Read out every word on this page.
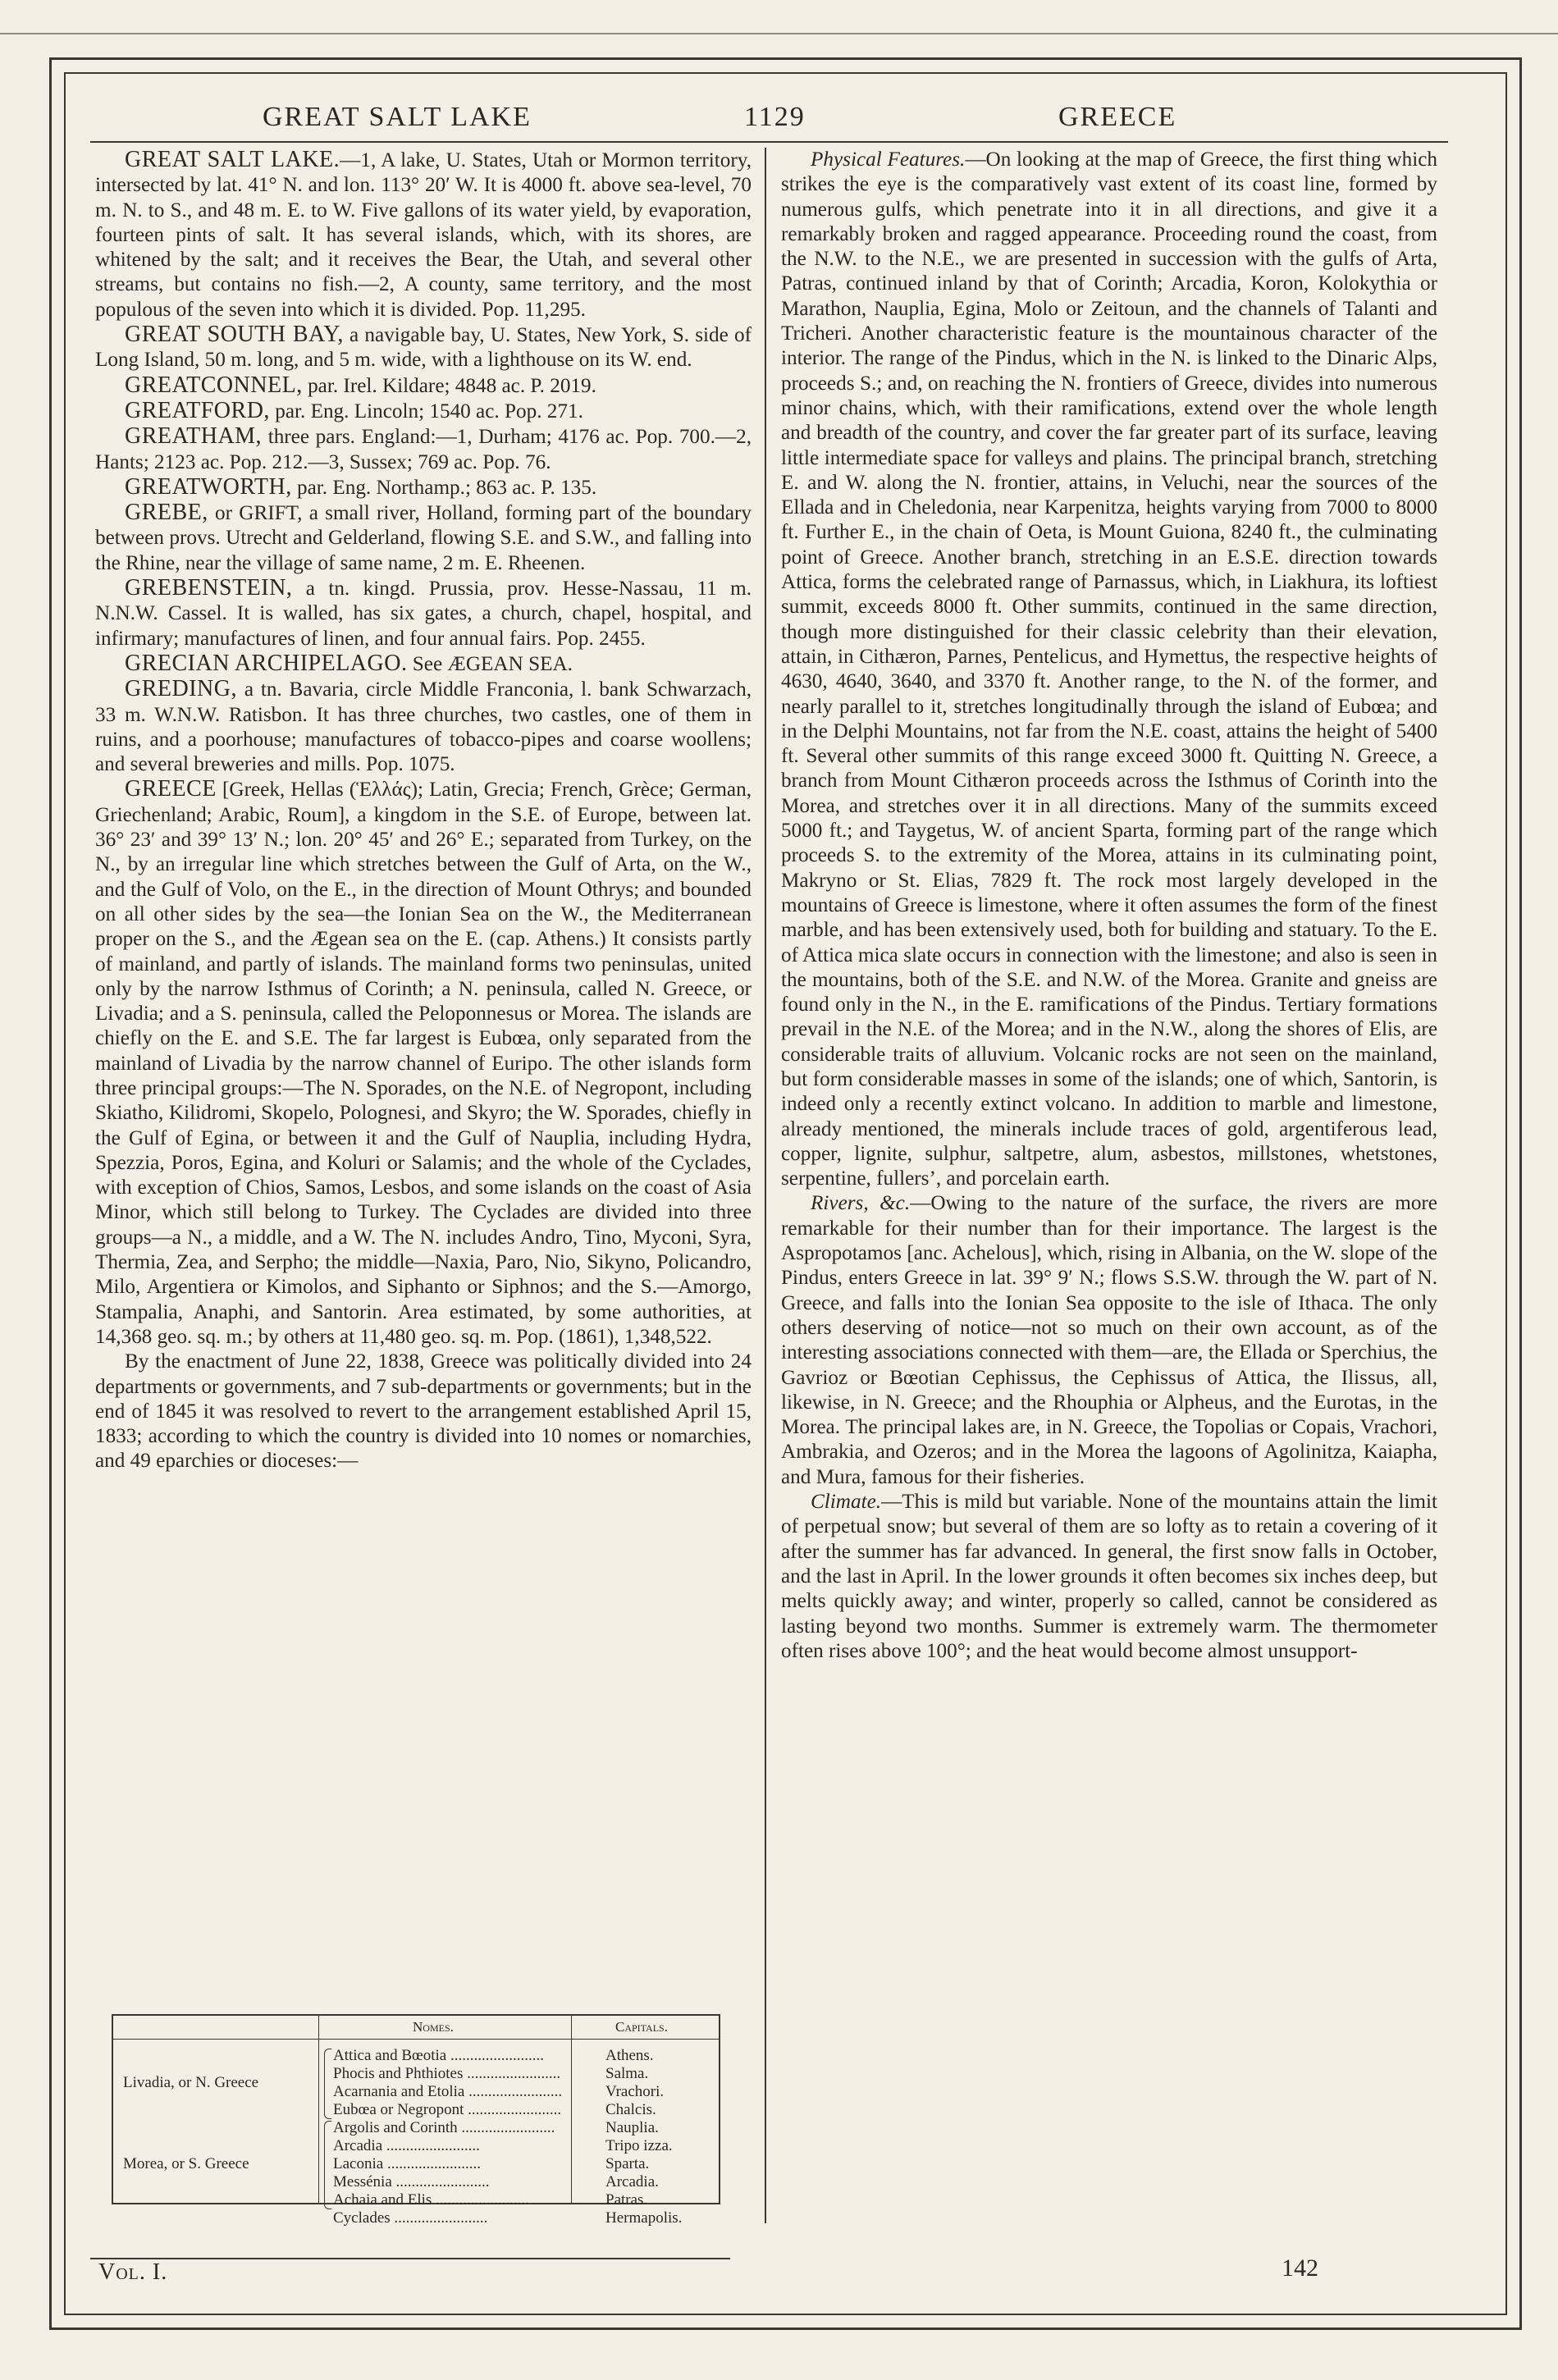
GREAT SALT LAKE	1129	GREECE

GREAT SALT LAKE.—1, A lake, U. States, Utah or Mormon territory, intersected by lat. 41° N. and lon. 113° 20′ W. It is 4000 ft. above sea-level, 70 m. N. to S., and 48 m. E. to W. Five gallons of its water yield, by evaporation, fourteen pints of salt. It has several islands, which, with its shores, are whitened by the salt; and it receives the Bear, the Utah, and several other streams, but contains no fish.—2, A county, same territory, and the most populous of the seven into which it is divided. Pop. 11,295.

GREAT SOUTH BAY, a navigable bay, U. States, New York, S. side of Long Island, 50 m. long, and 5 m. wide, with a lighthouse on its W. end.

GREATCONNEL, par. Irel. Kildare; 4848 ac. P. 2019.

GREATFORD, par. Eng. Lincoln; 1540 ac. Pop. 271.

GREATHAM, three pars. England:—1, Durham; 4176 ac. Pop. 700.—2, Hants; 2123 ac. Pop. 212.—3, Sussex; 769 ac. Pop. 76.

GREATWORTH, par. Eng. Northamp.; 863 ac. P. 135.

GREBE, or GRIFT, a small river, Holland, forming part of the boundary between provs. Utrecht and Gelderland, flowing S.E. and S.W., and falling into the Rhine, near the village of same name, 2 m. E. Rheenen.

GREBENSTEIN, a tn. kingd. Prussia, prov. Hesse-Nassau, 11 m. N.N.W. Cassel. It is walled, has six gates, a church, chapel, hospital, and infirmary; manufactures of linen, and four annual fairs. Pop. 2455.

GRECIAN ARCHIPELAGO. See ÆGEAN SEA.

GREDING, a tn. Bavaria, circle Middle Franconia, l. bank Schwarzach, 33 m. W.N.W. Ratisbon. It has three churches, two castles, one of them in ruins, and a poorhouse; manufactures of tobacco-pipes and coarse woollens; and several breweries and mills. Pop. 1075.

GREECE [Greek, Hellas (Ἑλλάς); Latin, Grecia; French, Grèce; German, Griechenland; Arabic, Roum], a kingdom in the S.E. of Europe, between lat. 36° 23′ and 39° 13′ N.; lon. 20° 45′ and 26° E.; separated from Turkey, on the N., by an irregular line which stretches between the Gulf of Arta, on the W., and the Gulf of Volo, on the E., in the direction of Mount Othrys; and bounded on all other sides by the sea—the Ionian Sea on the W., the Mediterranean proper on the S., and the Ægean sea on the E. (cap. Athens.) It consists partly of mainland, and partly of islands. The mainland forms two peninsulas, united only by the narrow Isthmus of Corinth; a N. peninsula, called N. Greece, or Livadia; and a S. peninsula, called the Peloponnesus or Morea. The islands are chiefly on the E. and S.E. The far largest is Eubœa, only separated from the mainland of Livadia by the narrow channel of Euripo. The other islands form three principal groups:—The N. Sporades, on the N.E. of Negropont, including Skiatho, Kilidromi, Skopelo, Polognesi, and Skyro; the W. Sporades, chiefly in the Gulf of Egina, or between it and the Gulf of Nauplia, including Hydra, Spezzia, Poros, Egina, and Koluri or Salamis; and the whole of the Cyclades, with exception of Chios, Samos, Lesbos, and some islands on the coast of Asia Minor, which still belong to Turkey. The Cyclades are divided into three groups—a N., a middle, and a W. The N. includes Andro, Tino, Myconi, Syra, Thermia, Zea, and Serpho; the middle—Naxia, Paro, Nio, Sikyno, Policandro, Milo, Argentiera or Kimolos, and Siphanto or Siphnos; and the S.—Amorgo, Stampalia, Anaphi, and Santorin. Area estimated, by some authorities, at 14,368 geo. sq. m.; by others at 11,480 geo. sq. m. Pop. (1861), 1,348,522.

By the enactment of June 22, 1838, Greece was politically divided into 24 departments or governments, and 7 sub-departments or governments; but in the end of 1845 it was resolved to revert to the arrangement established April 15, 1833; according to which the country is divided into 10 nomes or nomarchies, and 49 eparchies or dioceses:—

Physical Features.—On looking at the map of Greece, the first thing which strikes the eye is the comparatively vast extent of its coast line, formed by numerous gulfs, which penetrate into it in all directions, and give it a remarkably broken and ragged appearance. Proceeding round the coast, from the N.W. to the N.E., we are presented in succession with the gulfs of Arta, Patras, continued inland by that of Corinth; Arcadia, Koron, Kolokythia or Marathon, Nauplia, Egina, Molo or Zeitoun, and the channels of Talanti and Tricheri. Another characteristic feature is the mountainous character of the interior. The range of the Pindus, which in the N. is linked to the Dinaric Alps, proceeds S.; and, on reaching the N. frontiers of Greece, divides into numerous minor chains, which, with their ramifications, extend over the whole length and breadth of the country, and cover the far greater part of its surface, leaving little intermediate space for valleys and plains. The principal branch, stretching E. and W. along the N. frontier, attains, in Veluchi, near the sources of the Ellada and in Cheledonia, near Karpenitza, heights varying from 7000 to 8000 ft. Further E., in the chain of Oeta, is Mount Guiona, 8240 ft., the culminating point of Greece. Another branch, stretching in an E.S.E. direction towards Attica, forms the celebrated range of Parnassus, which, in Liakhura, its loftiest summit, exceeds 8000 ft. Other summits, continued in the same direction, though more distinguished for their classic celebrity than their elevation, attain, in Cithæron, Parnes, Pentelicus, and Hymettus, the respective heights of 4630, 4640, 3640, and 3370 ft. Another range, to the N. of the former, and nearly parallel to it, stretches longitudinally through the island of Eubœa; and in the Delphi Mountains, not far from the N.E. coast, attains the height of 5400 ft. Several other summits of this range exceed 3000 ft. Quitting N. Greece, a branch from Mount Cithæron proceeds across the Isthmus of Corinth into the Morea, and stretches over it in all directions. Many of the summits exceed 5000 ft.; and Taygetus, W. of ancient Sparta, forming part of the range which proceeds S. to the extremity of the Morea, attains in its culminating point, Makryno or St. Elias, 7829 ft. The rock most largely developed in the mountains of Greece is limestone, where it often assumes the form of the finest marble, and has been extensively used, both for building and statuary. To the E. of Attica mica slate occurs in connection with the limestone; and also is seen in the mountains, both of the S.E. and N.W. of the Morea. Granite and gneiss are found only in the N., in the E. ramifications of the Pindus. Tertiary formations prevail in the N.E. of the Morea; and in the N.W., along the shores of Elis, are considerable traits of alluvium. Volcanic rocks are not seen on the mainland, but form considerable masses in some of the islands; one of which, Santorin, is indeed only a recently extinct volcano. In addition to marble and limestone, already mentioned, the minerals include traces of gold, argentiferous lead, copper, lignite, sulphur, saltpetre, alum, asbestos, millstones, whetstones, serpentine, fullers’, and porcelain earth.

Rivers, &c.—Owing to the nature of the surface, the rivers are more remarkable for their number than for their importance. The largest is the Aspropotamos [anc. Achelous], which, rising in Albania, on the W. slope of the Pindus, enters Greece in lat. 39° 9′ N.; flows S.S.W. through the W. part of N. Greece, and falls into the Ionian Sea opposite to the isle of Ithaca. The only others deserving of notice—not so much on their own account, as of the interesting associations connected with them—are, the Ellada or Sperchius, the Gavrioz or Bœotian Cephissus, the Cephissus of Attica, the Ilissus, all, likewise, in N. Greece; and the Rhouphia or Alpheus, and the Eurotas, in the Morea. The principal lakes are, in N. Greece, the Topolias or Copais, Vrachori, Ambrakia, and Ozeros; and in the Morea the lagoons of Agolinitza, Kaiapha, and Mura, famous for their fisheries.

Climate.—This is mild but variable. None of the mountains attain the limit of perpetual snow; but several of them are so lofty as to retain a covering of it after the summer has far advanced. In general, the first snow falls in October, and the last in April. In the lower grounds it often becomes six inches deep, but melts quickly away; and winter, properly so called, cannot be considered as lasting beyond two months. Summer is extremely warm. The thermometer often rises above 100°; and the heat would become almost unsupport-

Nomes.	Capitals.
Livadia, or N. Greece
Attica and Bœotia .....	Athens.
Phocis and Phthiotes .....	Salma.
Acarnania and Etolia .....	Vrachori.
Eubœa or Negropont .....	Chalcis.
Morea, or S. Greece
Argolis and Corinth .....	Nauplia.
Arcadia .....	Tripo izza.
Laconia .....	Sparta.
Messénia .....	Arcadia.
Achaia and Elis .....	Patras.
Cyclades .....	Hermapolis.
Vol. I.	142
